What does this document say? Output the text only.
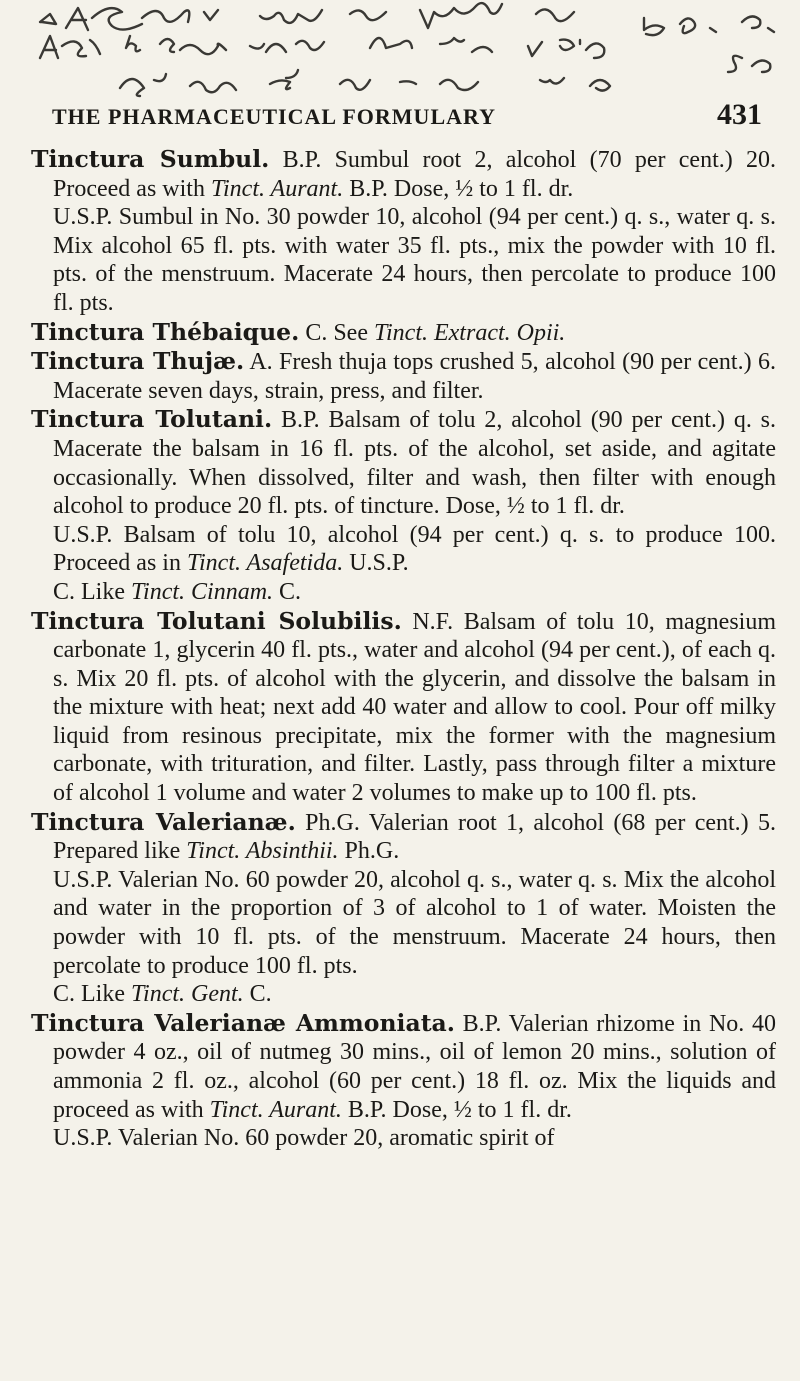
THE PHARMACEUTICAL FORMULARY	431

Tinctura Sumbul. B.P. Sumbul root 2, alcohol (70 per cent.) 20. Proceed as with Tinct. Aurant. B.P. Dose, ½ to 1 fl. dr.

U.S.P. Sumbul in No. 30 powder 10, alcohol (94 per cent.) q. s., water q. s. Mix alcohol 65 fl. pts. with water 35 fl. pts., mix the powder with 10 fl. pts. of the menstruum. Macerate 24 hours, then percolate to produce 100 fl. pts.

Tinctura Thébaique. C. See Tinct. Extract. Opii.

Tinctura Thujæ. A. Fresh thuja tops crushed 5, alcohol (90 per cent.) 6. Macerate seven days, strain, press, and filter.

Tinctura Tolutani. B.P. Balsam of tolu 2, alcohol (90 per cent.) q. s. Macerate the balsam in 16 fl. pts. of the alcohol, set aside, and agitate occasionally. When dissolved, filter and wash, then filter with enough alcohol to produce 20 fl. pts. of tincture. Dose, ½ to 1 fl. dr.

U.S.P. Balsam of tolu 10, alcohol (94 per cent.) q. s. to produce 100. Proceed as in Tinct. Asafetida. U.S.P.

C. Like Tinct. Cinnam. C.

Tinctura Tolutani Solubilis. N.F. Balsam of tolu 10, magnesium carbonate 1, glycerin 40 fl. pts., water and alcohol (94 per cent.), of each q. s. Mix 20 fl. pts. of alcohol with the glycerin, and dissolve the balsam in the mixture with heat; next add 40 water and allow to cool. Pour off milky liquid from resinous precipitate, mix the former with the magnesium carbonate, with trituration, and filter. Lastly, pass through filter a mixture of alcohol 1 volume and water 2 volumes to make up to 100 fl. pts.

Tinctura Valerianæ. Ph.G. Valerian root 1, alcohol (68 per cent.) 5. Prepared like Tinct. Absinthii. Ph.G.

U.S.P. Valerian No. 60 powder 20, alcohol q. s., water q. s. Mix the alcohol and water in the proportion of 3 of alcohol to 1 of water. Moisten the powder with 10 fl. pts. of the menstruum. Macerate 24 hours, then percolate to produce 100 fl. pts.

C. Like Tinct. Gent. C.

Tinctura Valerianæ Ammoniata. B.P. Valerian rhizome in No. 40 powder 4 oz., oil of nutmeg 30 mins., oil of lemon 20 mins., solution of ammonia 2 fl. oz., alcohol (60 per cent.) 18 fl. oz. Mix the liquids and proceed as with Tinct. Aurant. B.P. Dose, ½ to 1 fl. dr.

U.S.P. Valerian No. 60 powder 20, aromatic spirit of
